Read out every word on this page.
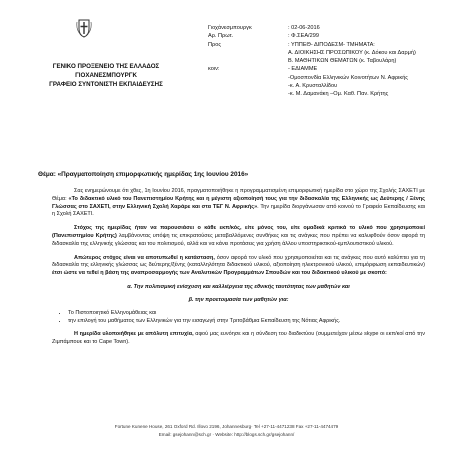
ΓΕΝΙΚΟ ΠΡΟΞΕΝΕΙΟ ΤΗΣ ΕΛΛΑΔΟΣ
ΓΙΟΧΑΝΕΣΜΠΟΥΡΓΚ
ΓΡΑΦΕΙΟ ΣΥΝΤΟΝΙΣΤΗ ΕΚΠΑΙΔΕΥΣΗΣ
Γιοχάνεσμπουργκ	: 02-06-2016
Αρ. Πρωτ.	: Φ.ΣΕΑ/299
Προς	: ΥΠΠΕΘ- ΔΙΠΟΔΕΣΜ- ΤΜΗΜΑΤΑ:
Α. ΔΙΟΙΚΗΣΗΣ ΠΡΟΣΩΠΙΚΟΥ (κ. Δόκου και Δαρμή)
Β. ΜΑΘΗΤΙΚΩΝ ΘΕΜΑΤΩΝ (κ. Ταβουλάρη)
κοιν:	- ΕΔΙΑΜΜΕ
-Ομοσπονδία Ελληνικών Κοινοτήτων Ν. Αφρικής
-κ. Α. Κρυσταλλίδου
-κ. Μ. Δαμανάκη –Ομ. Καθ. Παν. Κρήτης
Θέμα: «Πραγματοποίηση επιμορφωτικής ημερίδας 1ης Ιουνίου 2016»

Σας ενημερώνουμε ότι χθες, 1η Ιουνίου 2016, πραγματοποιήθηκε η προγραμματισμένη επιμορφωτική ημερίδα στο χώρο της Σχολής ΣΑΧΕΤΙ με Θέμα: «Το διδακτικό υλικό του Πανεπιστημίου Κρήτης και η μέγιστη αξιοποίησή τους για την διδασκαλία της Ελληνικής ως Δεύτερης / Ξένης Γλώσσας στο ΣΑΧΕΤΙ, στην Ελληνική Σχολή Χαράρε και στα ΤΕΓ Ν. Αφρικής». Την ημερίδα διοργάνωσαν από κοινού το Γραφείο Εκπαίδευσης και η Σχολή ΣΑΧΕΤΙ.

Στόχος της ημερίδας ήταν να παρουσιάσει ο κάθε εκπ/κός, είτε μόνος του, είτε ομαδικά κριτικά το υλικό που χρησιμοποιεί (Πανεπιστημίου Κρήτης) λαμβάνοντας υπόψη τις επικρατούσες μεταβαλλόμενες συνθήκες και τις ανάγκες που πρέπει να καλυφθούν όσον αφορά τη διδασκαλία της ελληνικής γλώσσας και του πολιτισμού, αλλά και να κάνει προτάσεις για χρήση άλλου υποστηρικτικού-εμπλουτιστικού υλικού.

Απώτερος στόχος είναι να αποτυπωθεί η κατάσταση, όσον αφορά τον υλικό που χρησιμοποιείται και τις ανάγκες που αυτό καλύπτει για τη διδασκαλία της ελληνικής γλώσσας ως δεύτερης/ξένης (καταλληλότητα διδακτικού υλικού, αξιοποίηση ηλεκτρονικού υλικού, επιμόρφωση εκπαιδευτικών) έτσι ώστε να τεθεί η βάση της αναπροσαρμογής των Αναλυτικών Προγραμμάτων Σπουδών και του διδακτικού υλικού με σκοπό:

α. Την πολιτισμική ενίσχυση και καλλιέργεια της εθνικής ταυτότητας των μαθητών και
β. την προετοιμασία των μαθητών για:
• Το Πιστοποιητικό Ελληνομάθειας και
• την επιλογή του μαθήματος των Ελληνικών για την εισαγωγή στην Τριτοβάθμια Εκπαίδευση της Νότιας Αφρικής.

Η ημερίδα υλοποιήθηκε με απόλυτη επιτυχία, αφού μας ευνόησε και η σύνδεση του διαδικτύου (συμμετείχαν μέσω skype οι εκπ/κοί από την Ζιμπάμπουε και το Cape Town).

Fortune Kunene House, 261 Oxford Rd. Illovo 2196, Johannesburg· Tel +27-11-4471238 Fax +27-11-4474479
Email: gsejohann@sch.gr · Website: http://blogs.sch.gr/gsejohann/
